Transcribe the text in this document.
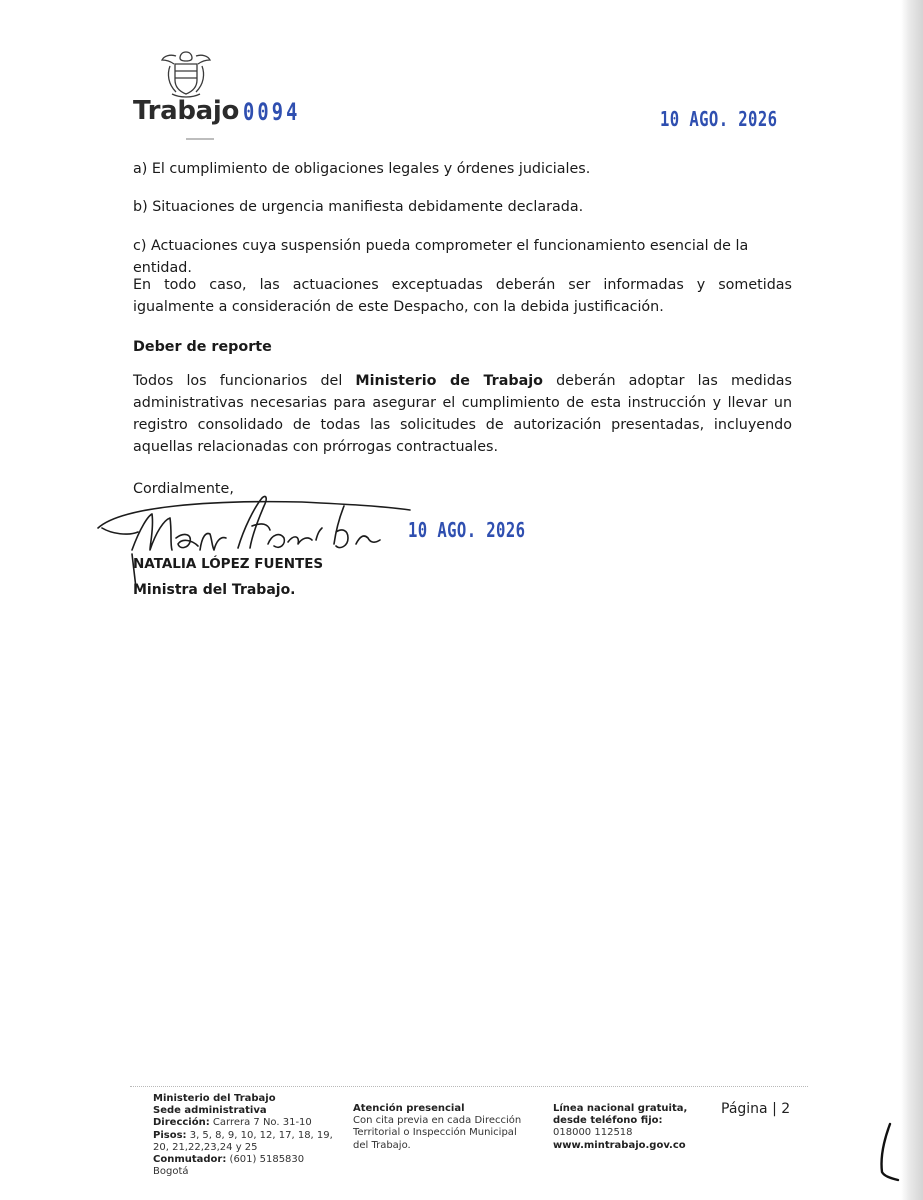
Trabajo 0094	10 AGO. 2026

a) El cumplimiento de obligaciones legales y órdenes judiciales.

b) Situaciones de urgencia manifiesta debidamente declarada.

c) Actuaciones cuya suspensión pueda comprometer el funcionamiento esencial de la entidad.

En todo caso, las actuaciones exceptuadas deberán ser informadas y sometidas igualmente a consideración de este Despacho, con la debida justificación.

Deber de reporte

Todos los funcionarios del Ministerio de Trabajo deberán adoptar las medidas administrativas necesarias para asegurar el cumplimiento de esta instrucción y llevar un registro consolidado de todas las solicitudes de autorización presentadas, incluyendo aquellas relacionadas con prórrogas contractuales.

Cordialmente,

10 AGO. 2026

NATALIA LÓPEZ FUENTES

Ministra del Trabajo.

Ministerio del Trabajo
Sede administrativa
Dirección: Carrera 7 No. 31-10
Pisos: 3, 5, 8, 9, 10, 12, 17, 18, 19, 20, 21,22,23,24 y 25
Conmutador: (601) 5185830
Bogotá
Atención presencial
Con cita previa en cada Dirección Territorial o Inspección Municipal del Trabajo.
Línea nacional gratuita, desde teléfono fijo:
018000 112518
www.mintrabajo.gov.co

Página | 2
